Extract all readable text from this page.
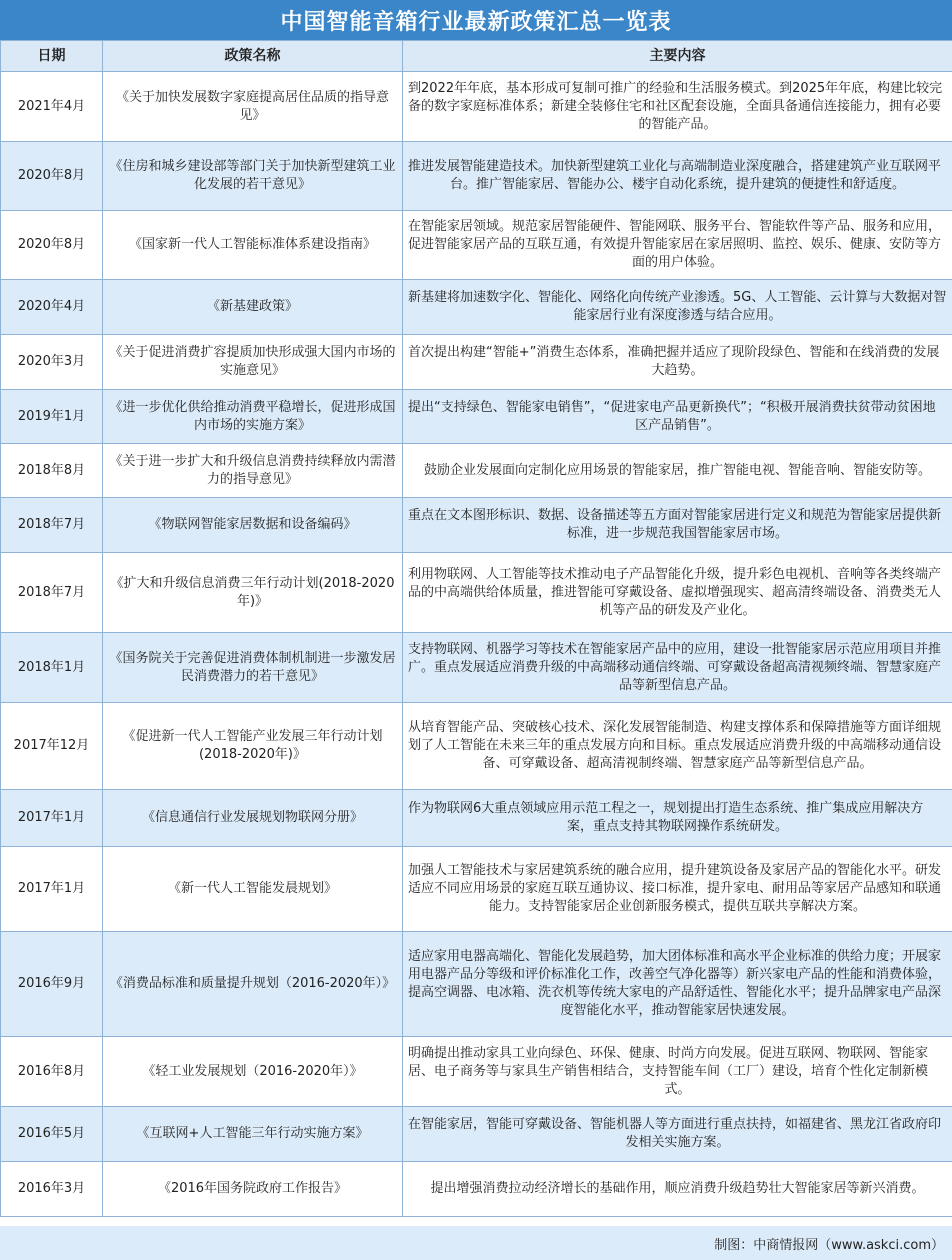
中国智能音箱行业最新政策汇总一览表
日期	政策名称	主要内容
2021年4月	《关于加快发展数字家庭提高居住品质的指导意见》	到2022年年底，基本形成可复制可推广的经验和生活服务模式。到2025年年底，构建比较完备的数字家庭标准体系；新建全装修住宅和社区配套设施，全面具备通信连接能力，拥有必要的智能产品。
2020年8月	《住房和城乡建设部等部门关于加快新型建筑工业化发展的若干意见》	推进发展智能建造技术。加快新型建筑工业化与高端制造业深度融合，搭建建筑产业互联网平台。推广智能家居、智能办公、楼宇自动化系统，提升建筑的便捷性和舒适度。
2020年8月	《国家新一代人工智能标准体系建设指南》	在智能家居领域。规范家居智能硬件、智能网联、服务平台、智能软件等产品、服务和应用，促进智能家居产品的互联互通，有效提升智能家居在家居照明、监控、娱乐、健康、安防等方面的用户体验。
2020年4月	《新基建政策》	新基建将加速数字化、智能化、网络化向传统产业渗透。5G、人工智能、云计算与大数据对智能家居行业有深度渗透与结合应用。
2020年3月	《关于促进消费扩容提质加快形成强大国内市场的实施意见》	首次提出构建“智能+”消费生态体系，准确把握并适应了现阶段绿色、智能和在线消费的发展大趋势。
2019年1月	《进一步优化供给推动消费平稳增长，促进形成国内市场的实施方案》	提出“支持绿色、智能家电销售”，“促进家电产品更新换代”；“积极开展消费扶贫带动贫困地区产品销售”。
2018年8月	《关于进一步扩大和升级信息消费持续释放内需潜力的指导意见》	鼓励企业发展面向定制化应用场景的智能家居，推广智能电视、智能音响、智能安防等。
2018年7月	《物联网智能家居数据和设备编码》	重点在文本图形标识、数据、设备描述等五方面对智能家居进行定义和规范为智能家居提供新标准，进一步规范我国智能家居市场。
2018年7月	《扩大和升级信息消费三年行动计划(2018-2020年)》	利用物联网、人工智能等技术推动电子产品智能化升级，提升彩色电视机、音响等各类终端产品的中高端供给体质量，推进智能可穿戴设备、虚拟增强现实、超高清终端设备、消费类无人机等产品的研发及产业化。
2018年1月	《国务院关于完善促进消费体制机制进一步激发居民消费潜力的若干意见》	支持物联网、机器学习等技术在智能家居产品中的应用，建设一批智能家居示范应用项目并推广。重点发展适应消费升级的中高端移动通信终端、可穿戴设备超高清视频终端、智慧家庭产品等新型信息产品。
2017年12月	《促进新一代人工智能产业发展三年行动计划(2018-2020年)》	从培育智能产品、突破核心技术、深化发展智能制造、构建支撑体系和保障措施等方面详细规划了人工智能在未来三年的重点发展方向和目标。重点发展适应消费升级的中高端移动通信设备、可穿戴设备、超高清视制终端、智慧家庭产品等新型信息产品。
2017年1月	《信息通信行业发展规划物联网分册》	作为物联网6大重点领域应用示范工程之一，规划提出打造生态系统、推广集成应用解决方案，重点支持其物联网操作系统研发。
2017年1月	《新一代人工智能发晨规划》	加强人工智能技术与家居建筑系统的融合应用，提升建筑设备及家居产品的智能化水平。研发适应不同应用场景的家庭互联互通协议、接口标准，提升家电、耐用品等家居产品感知和联通能力。支持智能家居企业创新服务模式，提供互联共享解决方案。
2016年9月	《消费品标准和质量提升规划（2016-2020年）》	适应家用电器高端化、智能化发展趋势，加大团体标准和高水平企业标准的供给力度；开展家用电器产品分等级和评价标准化工作，改善空气净化器等）新兴家电产品的性能和消费体验，提高空调器、电冰箱、洗衣机等传统大家电的产品舒适性、智能化水平；提升品牌家电产品深度智能化水平，推动智能家居快速发展。
2016年8月	《轻工业发展规划（2016-2020年）》	明确提出推动家具工业向绿色、环保、健康、时尚方向发展。促进互联网、物联网、智能家居、电子商务等与家具生产销售相结合，支持智能车间（工厂）建设，培育个性化定制新模式。
2016年5月	《互联网+人工智能三年行动实施方案》	在智能家居，智能可穿戴设备、智能机器人等方面进行重点扶持，如福建省、黑龙江省政府印发相关实施方案。
2016年3月	《2016年国务院政府工作报告》	提出增强消费拉动经济增长的基础作用，顺应消费升级趋势壮大智能家居等新兴消费。
制图：中商情报网（www.askci.com）
